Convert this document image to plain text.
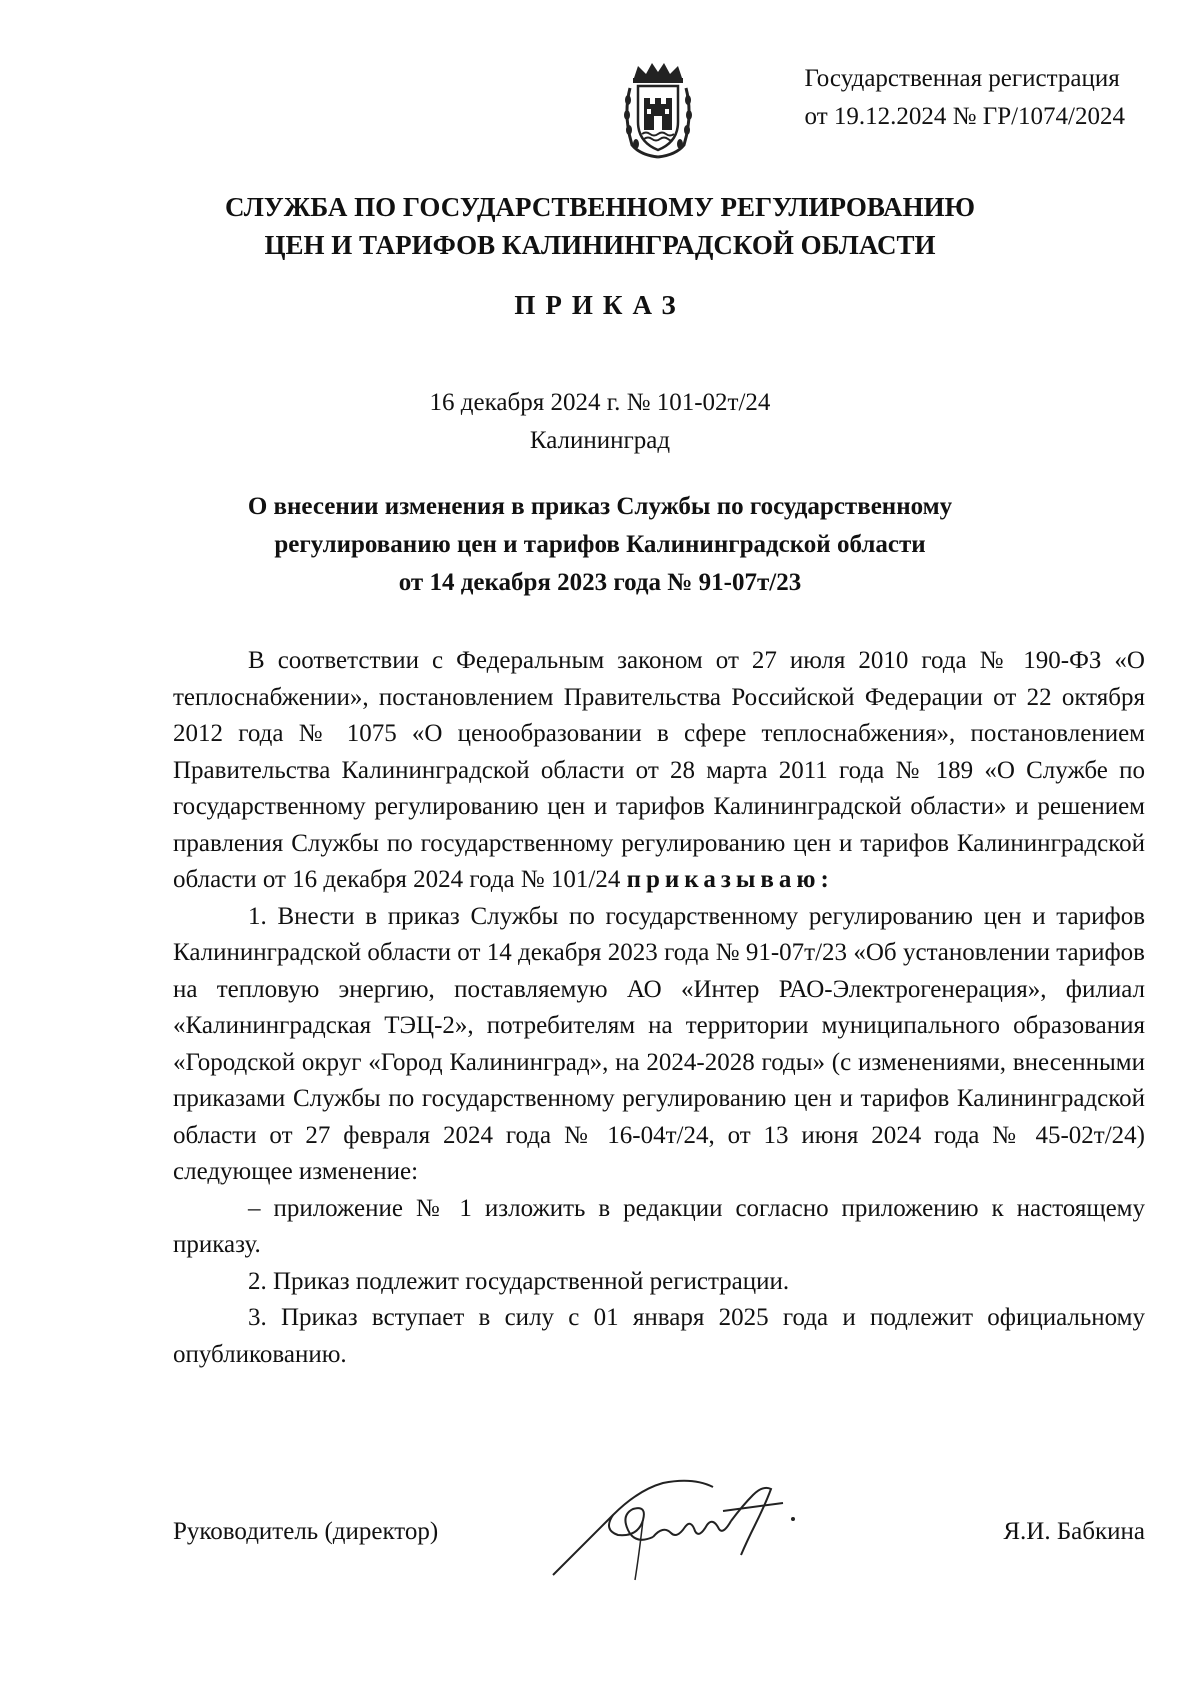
Государственная регистрация
от 19.12.2024 № ГР/1074/2024
СЛУЖБА ПО ГОСУДАРСТВЕННОМУ РЕГУЛИРОВАНИЮ
ЦЕН И ТАРИФОВ КАЛИНИНГРАДСКОЙ ОБЛАСТИ
ПРИКАЗ
16 декабря 2024 г. № 101-02т/24
Калининград
О внесении изменения в приказ Службы по государственному
регулированию цен и тарифов Калининградской области
от 14 декабря 2023 года № 91-07т/23

В соответствии с Федеральным законом от 27 июля 2010 года № 190-ФЗ «О теплоснабжении», постановлением Правительства Российской Федерации от 22 октября 2012 года № 1075 «О ценообразовании в сфере теплоснабжения», постановлением Правительства Калининградской области от 28 марта 2011 года № 189 «О Службе по государственному регулированию цен и тарифов Калининградской области» и решением правления Службы по государственному регулированию цен и тарифов Калининградской области от 16 декабря 2024 года № 101/24 приказываю:

1. Внести в приказ Службы по государственному регулированию цен и тарифов Калининградской области от 14 декабря 2023 года № 91-07т/23 «Об установлении тарифов на тепловую энергию, поставляемую АО «Интер РАО-Электрогенерация», филиал «Калининградская ТЭЦ-2», потребителям на территории муниципального образования «Городской округ «Город Калининград», на 2024-2028 годы» (с изменениями, внесенными приказами Службы по государственному регулированию цен и тарифов Калининградской области от 27 февраля 2024 года № 16-04т/24, от 13 июня 2024 года № 45-02т/24) следующее изменение:

– приложение № 1 изложить в редакции согласно приложению к настоящему приказу.

2. Приказ подлежит государственной регистрации.

3. Приказ вступает в силу с 01 января 2025 года и подлежит официальному опубликованию.

Руководитель (директор)	Я.И. Бабкина
